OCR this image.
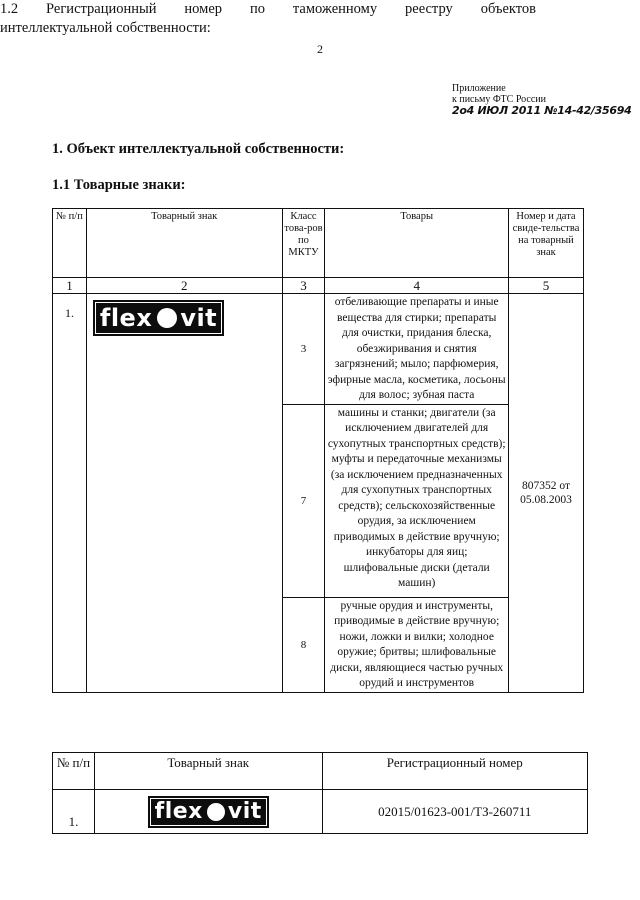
2
Приложение
к письму ФТС России
2о4 ИЮЛ 2011 №14-42/35694
1. Объект интеллектуальной собственности:
1.1 Товарные знаки:
№ п/п	Товарный знак	Класс това-ров по МКТУ	Товары	Номер и дата свиде-тельства на товарный знак
1	2	3	4	5
1.	flex vit	3	отбеливающие препараты и иные вещества для стирки; препараты для очистки, придания блеска, обезжиривания и снятия загрязнений; мыло; парфюмерия, эфирные масла, косметика, лосьоны для волос; зубная паста	807352 от 05.08.2003
		7	машины и станки; двигатели (за исключением двигателей для сухопутных транспортных средств); муфты и передаточные механизмы (за исключением предназначенных для сухопутных транспортных средств); сельскохозяйственные орудия, за исключением приводимых в действие вручную; инкубаторы для яиц; шлифовальные диски (детали машин)	
		8	ручные орудия и инструменты, приводимые в действие вручную; ножи, ложки и вилки; холодное оружие; бритвы; шлифовальные диски, являющиеся частью ручных орудий и инструментов	
1.2 Регистрационный номер по таможенному реестру объектов
интеллектуальной собственности:
№ п/п	Товарный знак	Регистрационный номер
1.	flex vit	02015/01623-001/ТЗ-260711
